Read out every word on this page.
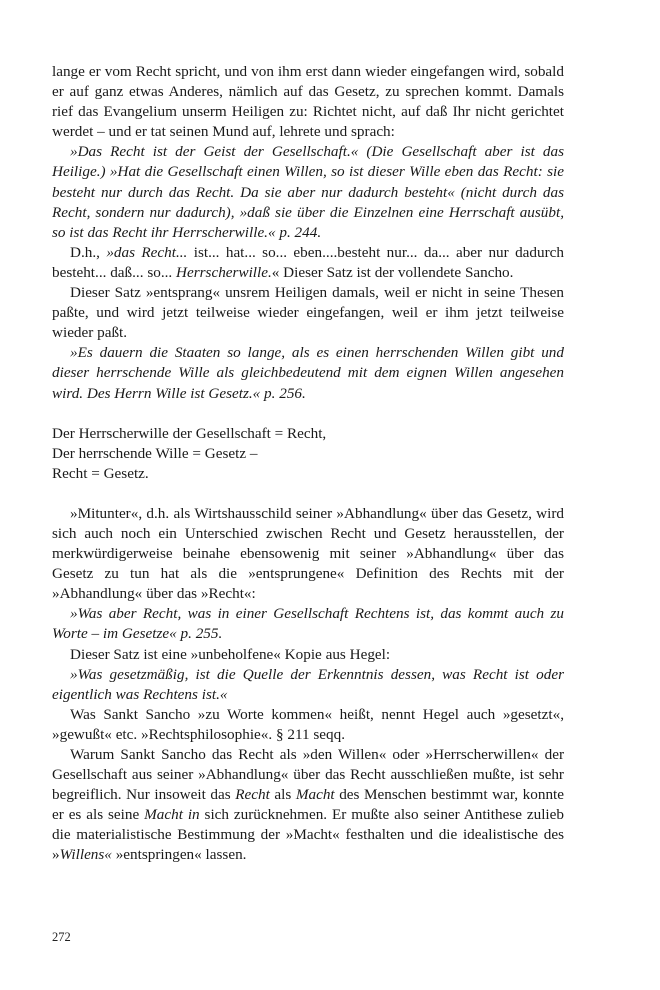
lange er vom Recht spricht, und von ihm erst dann wieder eingefangen wird, sobald er auf ganz etwas Anderes, nämlich auf das Gesetz, zu sprechen kommt. Damals rief das Evangelium unserm Heiligen zu: Richtet nicht, auf daß Ihr nicht gerichtet werdet – und er tat seinen Mund auf, lehrete und sprach:

»Das Recht ist der Geist der Gesellschaft.« (Die Gesellschaft aber ist das Heilige.) »Hat die Gesellschaft einen Willen, so ist dieser Wille eben das Recht: sie besteht nur durch das Recht. Da sie aber nur dadurch besteht« (nicht durch das Recht, sondern nur dadurch), »daß sie über die Einzelnen eine Herrschaft ausübt, so ist das Recht ihr Herrscherwille.« p. 244.

D.h., »das Recht... ist... hat... so... eben....besteht nur... da... aber nur dadurch besteht... daß... so... Herrscherwille.« Dieser Satz ist der vollendete Sancho.

Dieser Satz »entsprang« unsrem Heiligen damals, weil er nicht in seine Thesen paßte, und wird jetzt teilweise wieder eingefangen, weil er ihm jetzt teilweise wieder paßt.

»Es dauern die Staaten so lange, als es einen herrschenden Willen gibt und dieser herrschende Wille als gleichbedeutend mit dem eignen Willen angesehen wird. Des Herrn Wille ist Gesetz.« p. 256.

Der Herrscherwille der Gesellschaft = Recht,

Der herrschende Wille = Gesetz –

Recht = Gesetz.

»Mitunter«, d.h. als Wirtshausschild seiner »Abhandlung« über das Gesetz, wird sich auch noch ein Unterschied zwischen Recht und Gesetz herausstellen, der merkwürdigerweise beinahe ebensowenig mit seiner »Abhandlung« über das Gesetz zu tun hat als die »entsprungene« Definition des Rechts mit der »Abhandlung« über das »Recht«:

»Was aber Recht, was in einer Gesellschaft Rechtens ist, das kommt auch zu Worte – im Gesetze« p. 255.

Dieser Satz ist eine »unbeholfene« Kopie aus Hegel:

»Was gesetzmäßig, ist die Quelle der Erkenntnis dessen, was Recht ist oder eigentlich was Rechtens ist.«

Was Sankt Sancho »zu Worte kommen« heißt, nennt Hegel auch »gesetzt«, »gewußt« etc. »Rechtsphilosophie«. § 211 seqq.

Warum Sankt Sancho das Recht als »den Willen« oder »Herrscherwillen« der Gesellschaft aus seiner »Abhandlung« über das Recht ausschließen mußte, ist sehr begreiflich. Nur insoweit das Recht als Macht des Menschen bestimmt war, konnte er es als seine Macht in sich zurücknehmen. Er mußte also seiner Antithese zulieb die materialistische Bestimmung der »Macht« festhalten und die idealistische des »Willens« »entspringen« lassen.

272
